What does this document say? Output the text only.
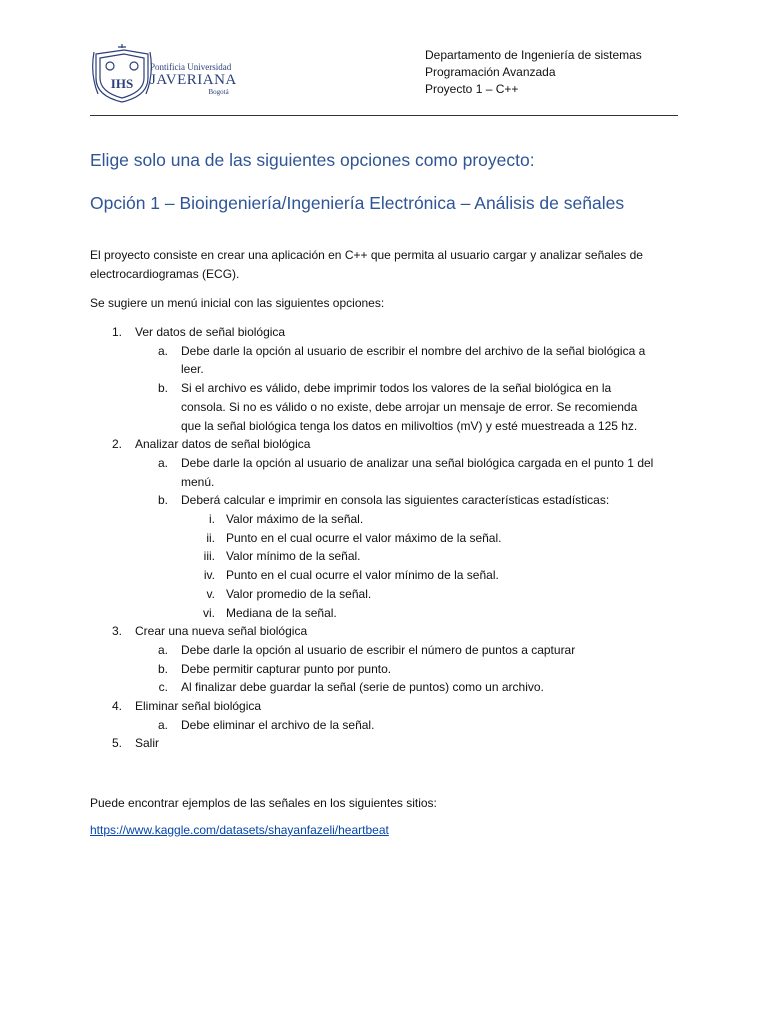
IHS
Pontificia Universidad
JAVERIANA
Bogotá
Departamento de Ingeniería de sistemas
Programación Avanzada
Proyecto 1 – C++
Elige solo una de las siguientes opciones como proyecto:
Opción 1 – Bioingeniería/Ingeniería Electrónica – Análisis de señales
El proyecto consiste en crear una aplicación en C++ que permita al usuario cargar y analizar señales de electrocardiogramas (ECG).
Se sugiere un menú inicial con las siguientes opciones:
1. Ver datos de señal biológica
a. Debe darle la opción al usuario de escribir el nombre del archivo de la señal biológica a
leer.
b. Si el archivo es válido, debe imprimir todos los valores de la señal biológica en la
consola. Si no es válido o no existe, debe arrojar un mensaje de error. Se recomienda
que la señal biológica tenga los datos en milivoltios (mV) y esté muestreada a 125 hz.
2. Analizar datos de señal biológica
a. Debe darle la opción al usuario de analizar una señal biológica cargada en el punto 1 del
menú.
b. Deberá calcular e imprimir en consola las siguientes características estadísticas:
i. Valor máximo de la señal.
ii. Punto en el cual ocurre el valor máximo de la señal.
iii. Valor mínimo de la señal.
iv. Punto en el cual ocurre el valor mínimo de la señal.
v. Valor promedio de la señal.
vi. Mediana de la señal.
3. Crear una nueva señal biológica
a. Debe darle la opción al usuario de escribir el número de puntos a capturar
b. Debe permitir capturar punto por punto.
c. Al finalizar debe guardar la señal (serie de puntos) como un archivo.
4. Eliminar señal biológica
a. Debe eliminar el archivo de la señal.
5. Salir
Puede encontrar ejemplos de las señales en los siguientes sitios:
https://www.kaggle.com/datasets/shayanfazeli/heartbeat
